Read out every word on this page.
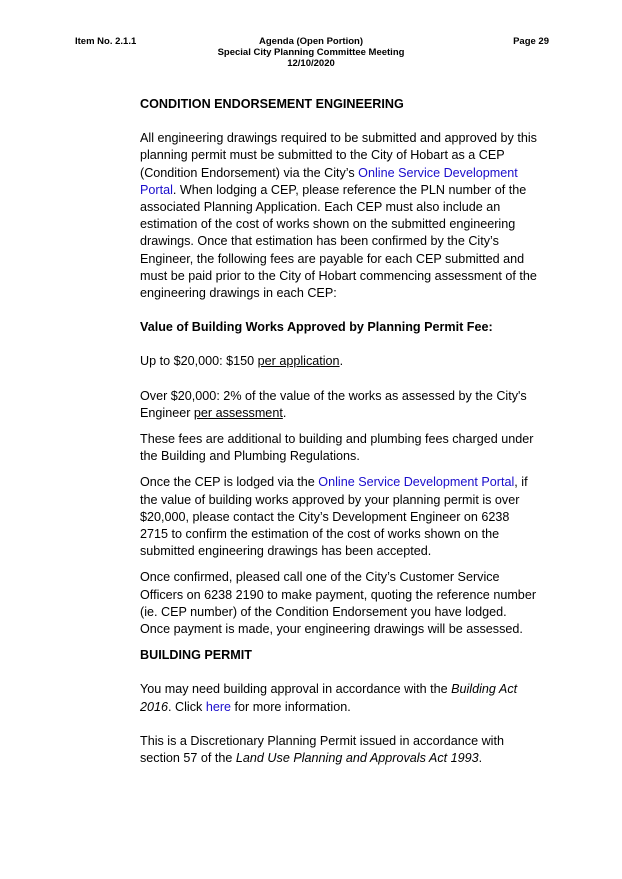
Item No. 2.1.1	Agenda (Open Portion)
Special City Planning Committee Meeting
12/10/2020
Page 29

CONDITION ENDORSEMENT ENGINEERING

All engineering drawings required to be submitted and approved by this planning permit must be submitted to the City of Hobart as a CEP (Condition Endorsement) via the City’s Online Service Development Portal. When lodging a CEP, please reference the PLN number of the associated Planning Application. Each CEP must also include an estimation of the cost of works shown on the submitted engineering drawings. Once that estimation has been confirmed by the City’s Engineer, the following fees are payable for each CEP submitted and must be paid prior to the City of Hobart commencing assessment of the engineering drawings in each CEP:

Value of Building Works Approved by Planning Permit Fee:

Up to $20,000: $150 per application.

Over $20,000: 2% of the value of the works as assessed by the City's Engineer per assessment.

These fees are additional to building and plumbing fees charged under the Building and Plumbing Regulations.

Once the CEP is lodged via the Online Service Development Portal, if the value of building works approved by your planning permit is over $20,000, please contact the City’s Development Engineer on 6238 2715 to confirm the estimation of the cost of works shown on the submitted engineering drawings has been accepted.

Once confirmed, pleased call one of the City’s Customer Service Officers on 6238 2190 to make payment, quoting the reference number (ie. CEP number) of the Condition Endorsement you have lodged. Once payment is made, your engineering drawings will be assessed.

BUILDING PERMIT

You may need building approval in accordance with the Building Act 2016. Click here for more information.

This is a Discretionary Planning Permit issued in accordance with section 57 of the Land Use Planning and Approvals Act 1993.
